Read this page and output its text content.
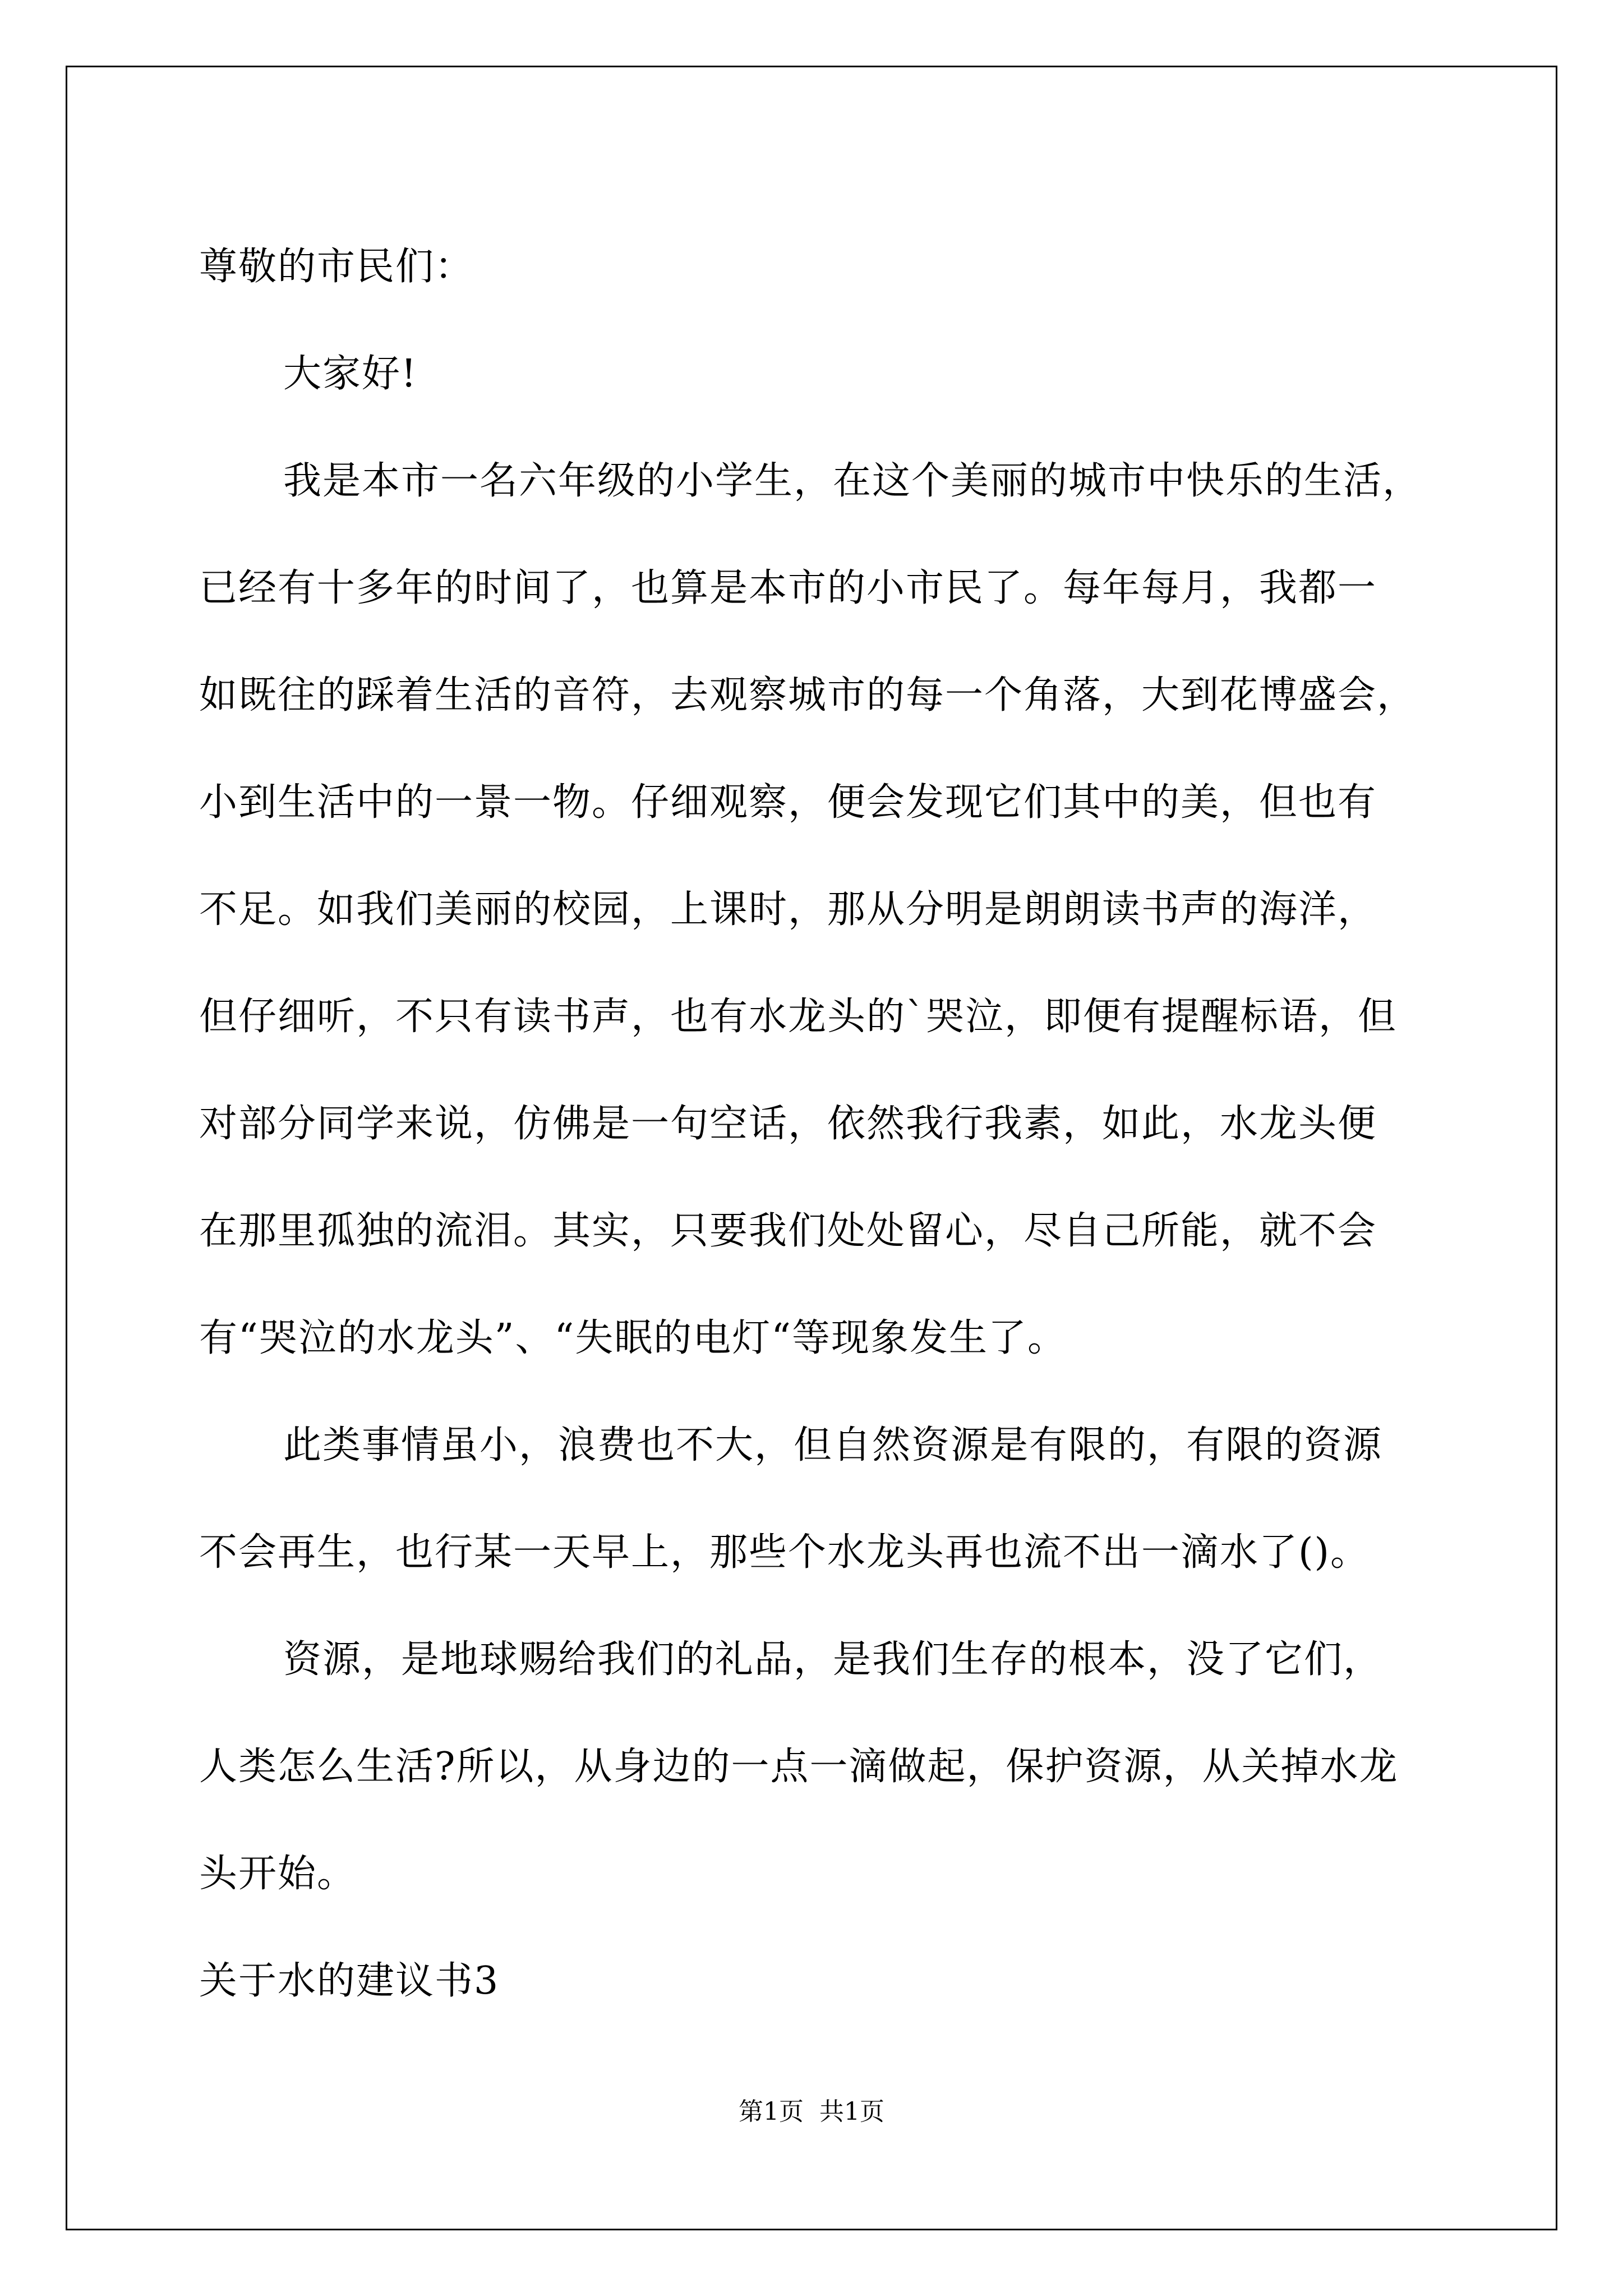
尊敬的市民们：
大家好!
我是本市一名六年级的小学生，在这个美丽的城市中快乐的生活，
已经有十多年的时间了，也算是本市的小市民了。每年每月，我都一
如既往的踩着生活的音符，去观察城市的每一个角落，大到花博盛会，
小到生活中的一景一物。仔细观察，便会发现它们其中的美，但也有
不足。如我们美丽的校园，上课时，那从分明是朗朗读书声的海洋，
但仔细听，不只有读书声，也有水龙头的`哭泣，即便有提醒标语，但
对部分同学来说，仿佛是一句空话，依然我行我素，如此，水龙头便
在那里孤独的流泪。其实，只要我们处处留心，尽自己所能，就不会
有“哭泣的水龙头”、“失眠的电灯“等现象发生了。
此类事情虽小，浪费也不大，但自然资源是有限的，有限的资源
不会再生，也行某一天早上，那些个水龙头再也流不出一滴水了()。
资源，是地球赐给我们的礼品，是我们生存的根本，没了它们，
人类怎么生活?所以，从身边的一点一滴做起，保护资源，从关掉水龙
头开始。
关于水的建议书3
第1页 共1页
